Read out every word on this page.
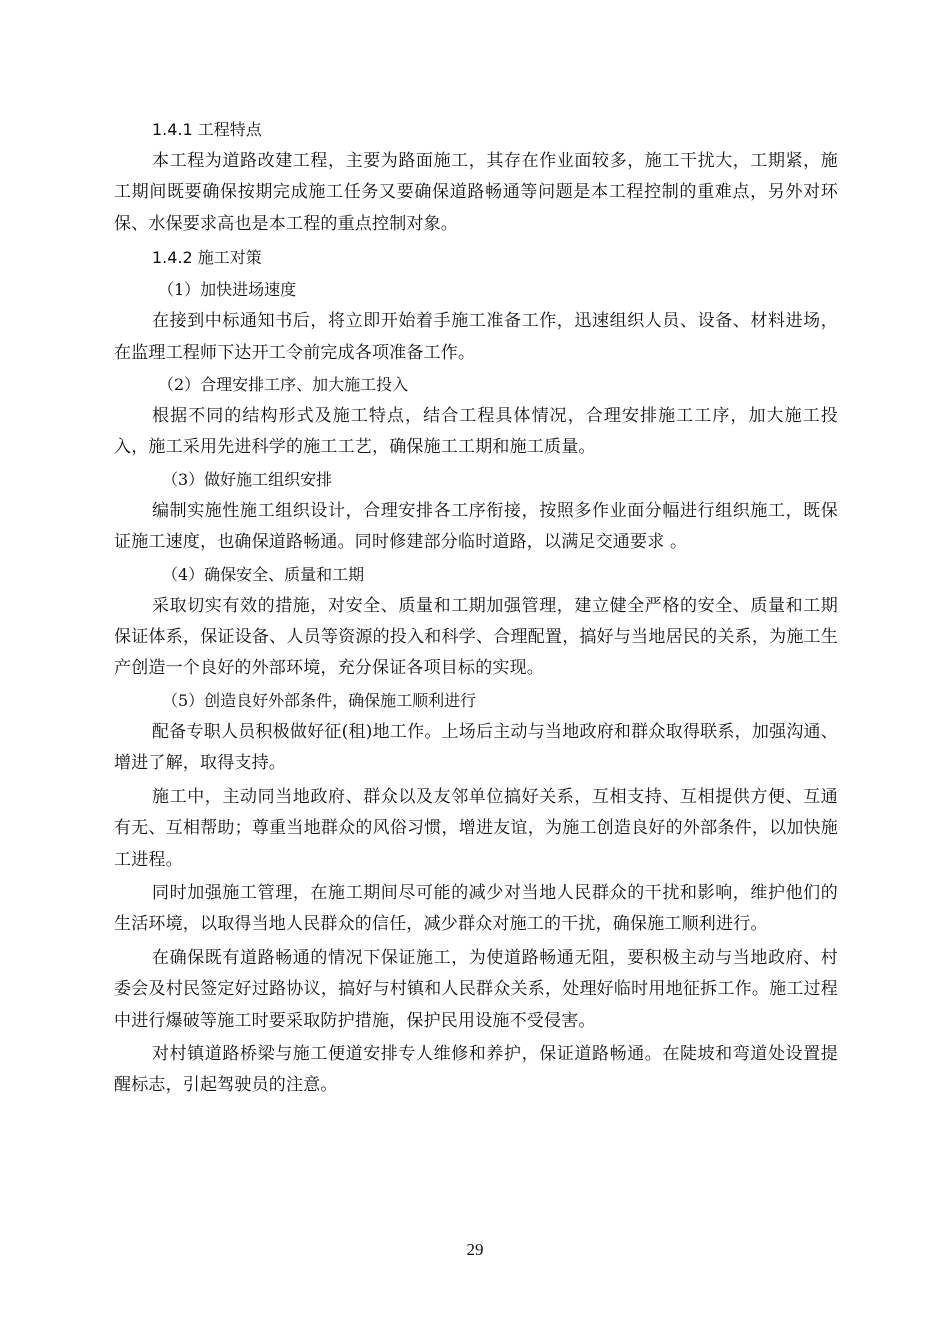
1.4.1 工程特点

本工程为道路改建工程，主要为路面施工，其存在作业面较多，施工干扰大，工期紧，施工期间既要确保按期完成施工任务又要确保道路畅通等问题是本工程控制的重难点，另外对环保、水保要求高也是本工程的重点控制对象。

1.4.2 施工对策

（1）加快进场速度

在接到中标通知书后，将立即开始着手施工准备工作，迅速组织人员、设备、材料进场，在监理工程师下达开工令前完成各项准备工作。

（2）合理安排工序、加大施工投入

根据不同的结构形式及施工特点，结合工程具体情况，合理安排施工工序，加大施工投入，施工采用先进科学的施工工艺，确保施工工期和施工质量。

（3）做好施工组织安排

编制实施性施工组织设计，合理安排各工序衔接，按照多作业面分幅进行组织施工，既保证施工速度，也确保道路畅通。同时修建部分临时道路，以满足交通要求 。

（4）确保安全、质量和工期

采取切实有效的措施，对安全、质量和工期加强管理，建立健全严格的安全、质量和工期保证体系，保证设备、人员等资源的投入和科学、合理配置，搞好与当地居民的关系，为施工生产创造一个良好的外部环境，充分保证各项目标的实现。

（5）创造良好外部条件，确保施工顺利进行

配备专职人员积极做好征(租)地工作。上场后主动与当地政府和群众取得联系，加强沟通、增进了解，取得支持。

施工中，主动同当地政府、群众以及友邻单位搞好关系，互相支持、互相提供方便、互通有无、互相帮助；尊重当地群众的风俗习惯，增进友谊，为施工创造良好的外部条件，以加快施工进程。

同时加强施工管理，在施工期间尽可能的减少对当地人民群众的干扰和影响，维护他们的生活环境，以取得当地人民群众的信任，减少群众对施工的干扰，确保施工顺利进行。

在确保既有道路畅通的情况下保证施工，为使道路畅通无阻，要积极主动与当地政府、村委会及村民签定好过路协议，搞好与村镇和人民群众关系，处理好临时用地征拆工作。施工过程中进行爆破等施工时要采取防护措施，保护民用设施不受侵害。

对村镇道路桥梁与施工便道安排专人维修和养护，保证道路畅通。在陡坡和弯道处设置提醒标志，引起驾驶员的注意。

29
